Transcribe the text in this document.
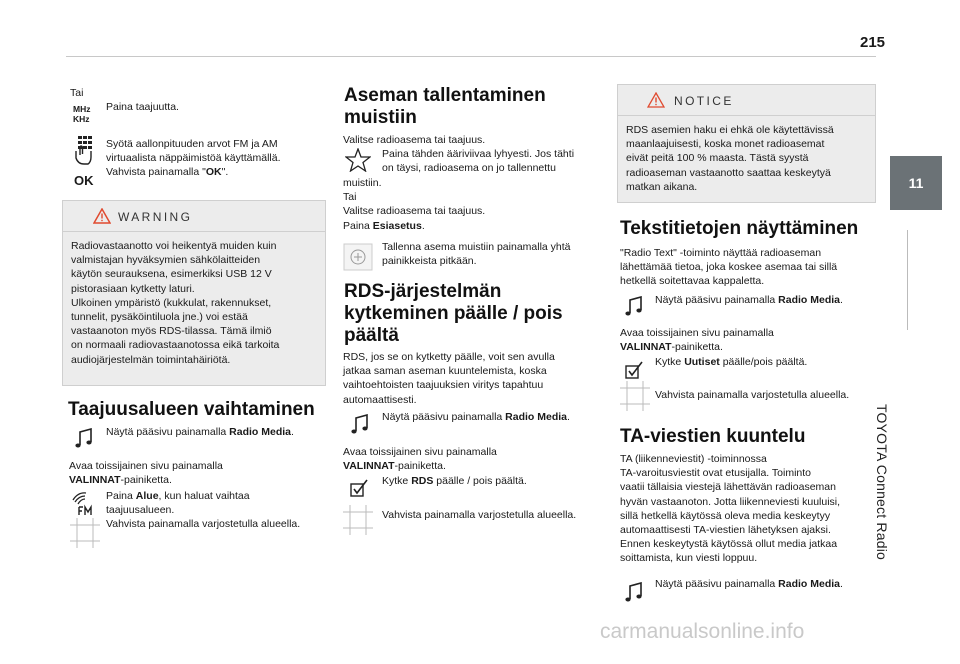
215
11
TOYOTA Connect Radio
Tai
MHz
KHz
Paina taajuutta.
Syötä aallonpituuden arvot FM ja AM
virtuaalista näppäimistöä käyttämällä.
Vahvista painamalla "OK".
OK
WARNING
Radiovastaanotto voi heikentyä muiden kuin
valmistajan hyväksymien sähkölaitteiden
käytön seurauksena, esimerkiksi USB 12 V
pistorasiaan kytketty laturi.
Ulkoinen ympäristö (kukkulat, rakennukset,
tunnelit, pysäköintiluola jne.) voi estää
vastaanoton myös RDS-tilassa. Tämä ilmiö
on normaali radiovastaanotossa eikä tarkoita
audiojärjestelmän toimintahäiriötä.
Taajuusalueen vaihtaminen
Näytä pääsivu painamalla Radio Media.
Avaa toissijainen sivu painamalla
VALINNAT-painiketta.
Paina Alue, kun haluat vaihtaa
taajuusalueen.
Vahvista painamalla varjostetulla alueella.
Aseman tallentaminen
muistiin
Valitse radioasema tai taajuus.
Paina tähden ääriviivaa lyhyesti. Jos tähti
on täysi, radioasema on jo tallennettu
muistiin.
Tai
Valitse radioasema tai taajuus.
Paina Esiasetus.
Tallenna asema muistiin painamalla yhtä
painikkeista pitkään.
RDS-järjestelmän
kytkeminen päälle / pois
päältä
RDS, jos se on kytketty päälle, voit sen avulla
jatkaa saman aseman kuuntelemista, koska
vaihtoehtoisten taajuuksien viritys tapahtuu
automaattisesti.
Näytä pääsivu painamalla Radio Media.
Avaa toissijainen sivu painamalla
VALINNAT-painiketta.
Kytke RDS päälle / pois päältä.
Vahvista painamalla varjostetulla alueella.
NOTICE
RDS asemien haku ei ehkä ole käytettävissä
maanlaajuisesti, koska monet radioasemat
eivät peitä 100 % maasta. Tästä syystä
radioaseman vastaanotto saattaa keskeytyä
matkan aikana.
Tekstitietojen näyttäminen
"Radio Text" -toiminto näyttää radioaseman
lähettämää tietoa, joka koskee asemaa tai sillä
hetkellä soitettavaa kappaletta.
Näytä pääsivu painamalla Radio Media.
Avaa toissijainen sivu painamalla
VALINNAT-painiketta.
Kytke Uutiset päälle/pois päältä.
Vahvista painamalla varjostetulla alueella.
TA-viestien kuuntelu
TA (liikenneviestit) -toiminnossa
TA-varoitusviestit ovat etusijalla. Toiminto
vaatii tällaisia viestejä lähettävän radioaseman
hyvän vastaanoton. Jotta liikenneviesti kuuluisi,
sillä hetkellä käytössä oleva media keskeytyy
automaattisesti TA-viestien lähetyksen ajaksi.
Ennen keskeytystä käytössä ollut media jatkaa
soittamista, kun viesti loppuu.
Näytä pääsivu painamalla Radio Media.
carmanualsonline.info
